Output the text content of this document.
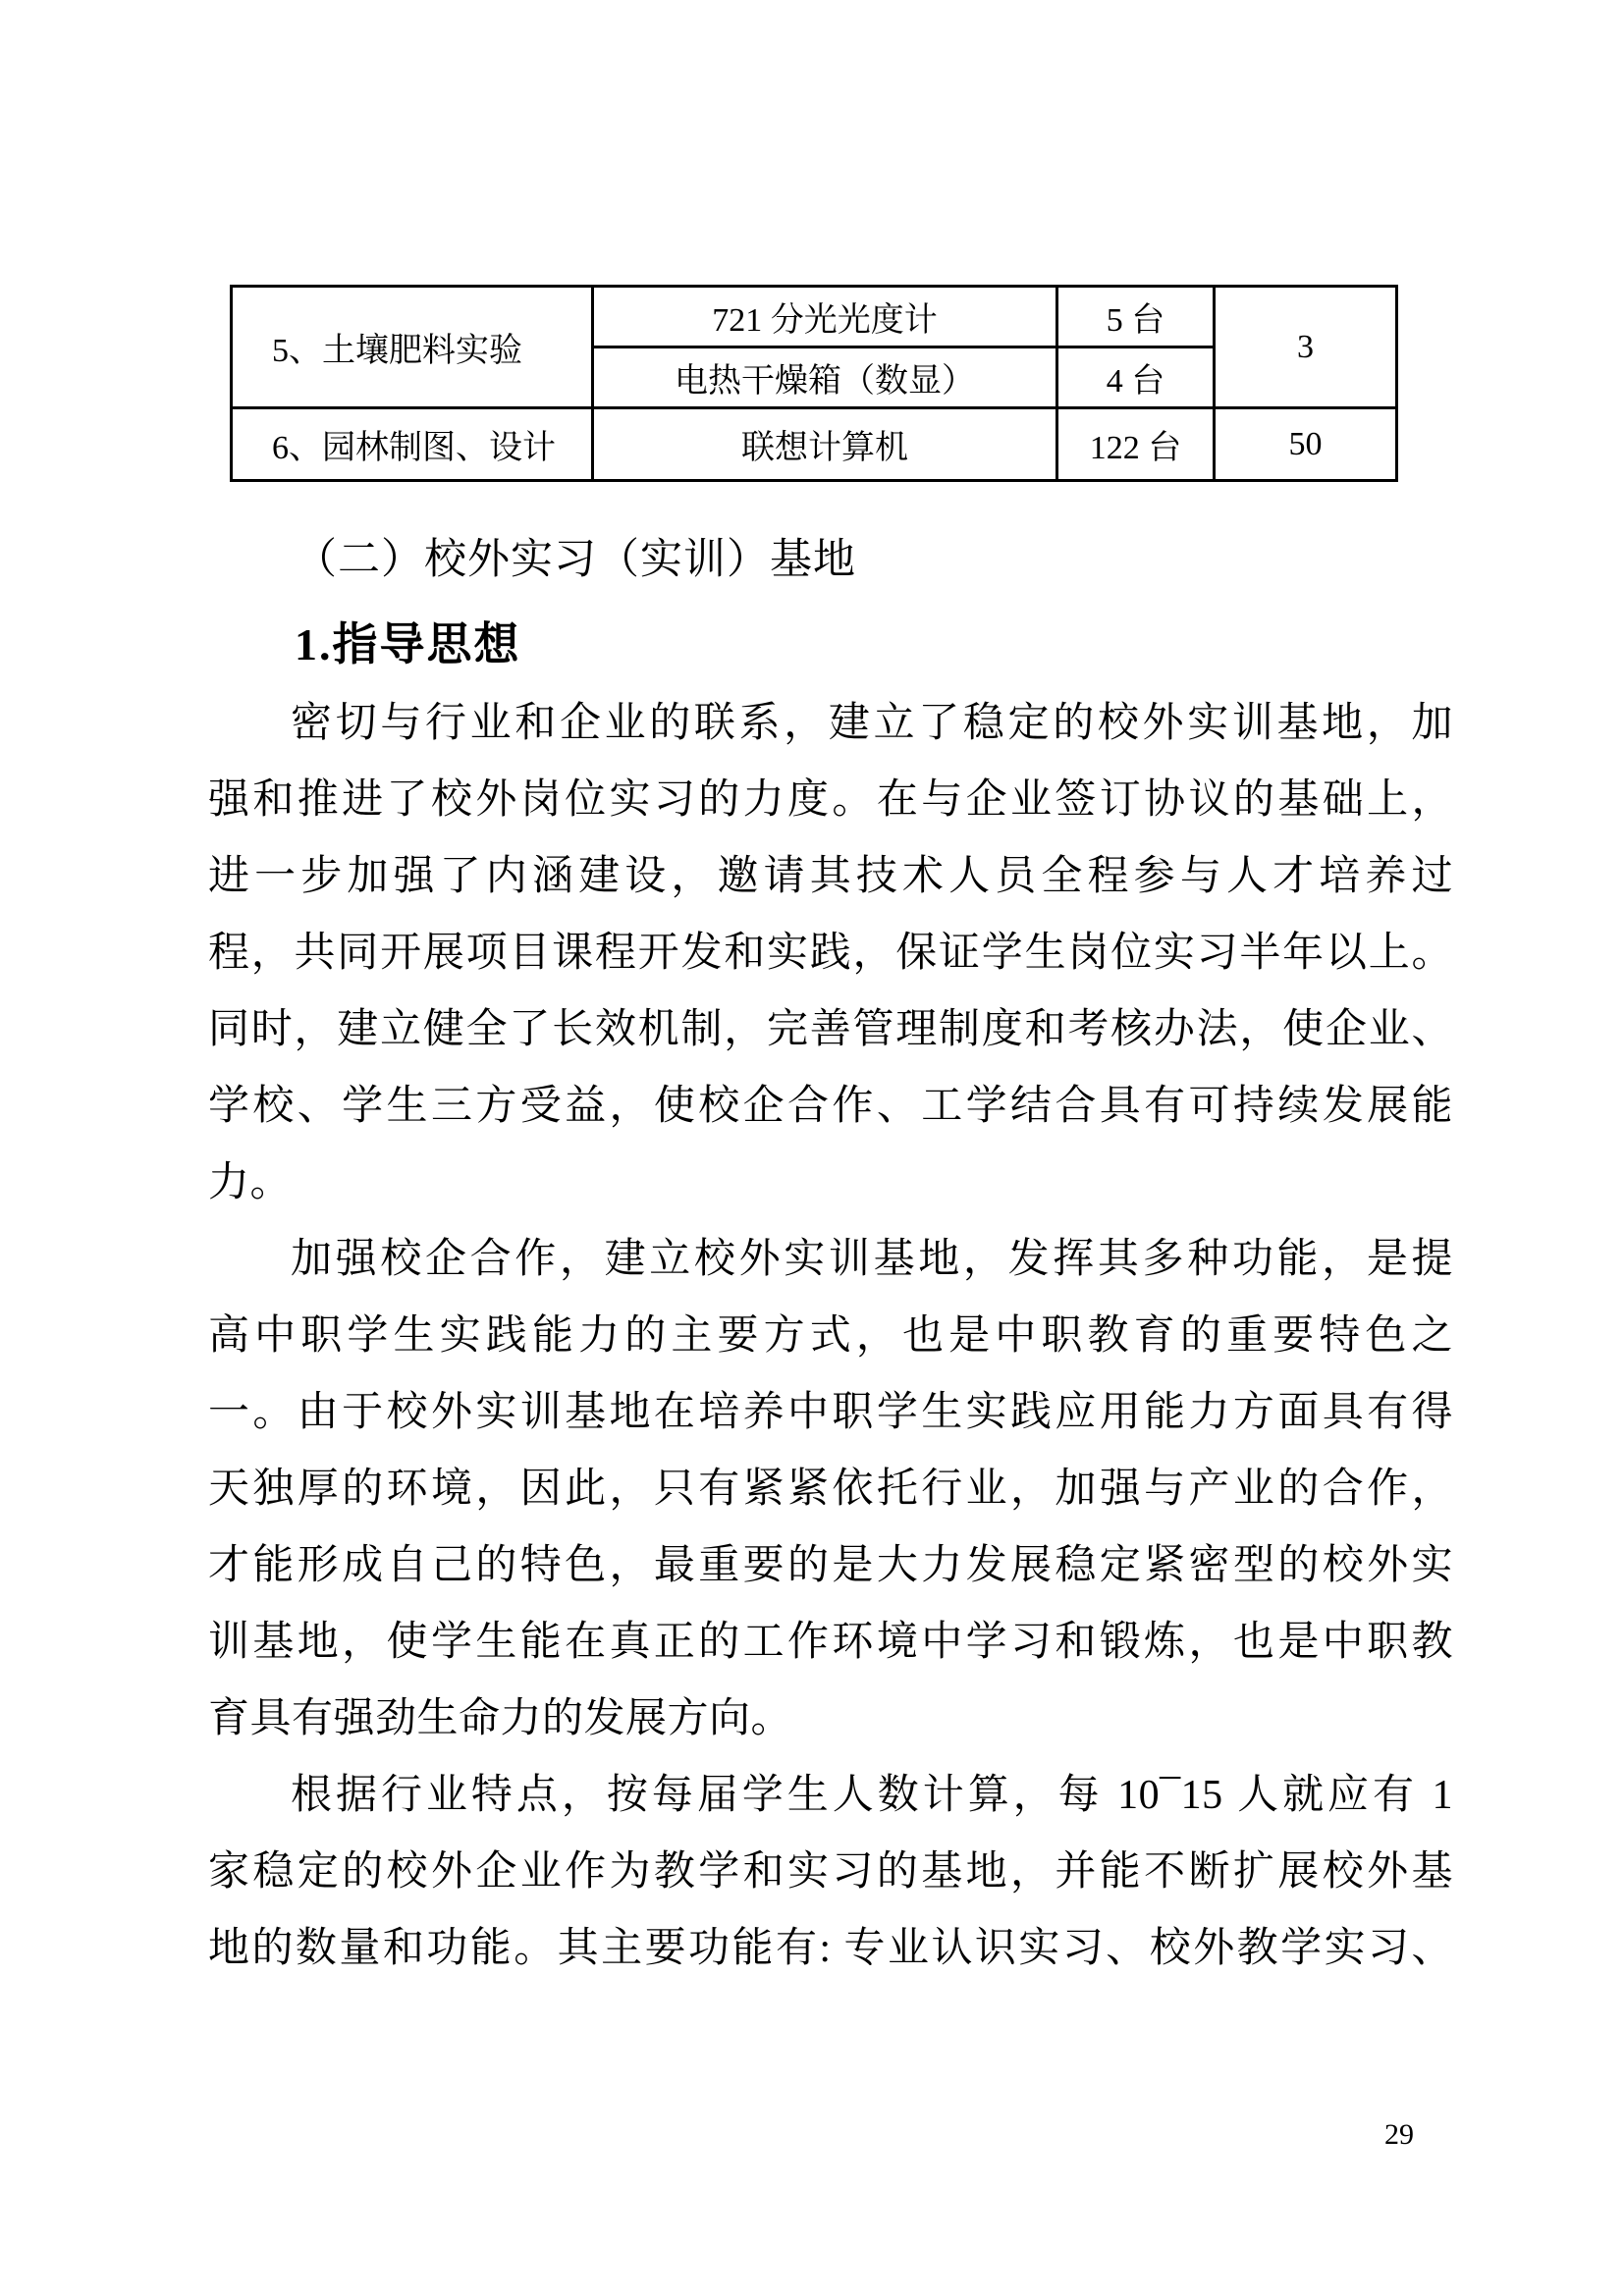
5、土壤肥料实验	721 分光光度计	5 台	3
	电热干燥箱（数显）	4 台	
6、园林制图、设计	联想计算机	122 台	50
（二）校外实习（实训）基地
1.指导思想
密切与行业和企业的联系，建立了稳定的校外实训基地，加
强和推进了校外岗位实习的力度。在与企业签订协议的基础上，
进一步加强了内涵建设，邀请其技术人员全程参与人才培养过
程，共同开展项目课程开发和实践，保证学生岗位实习半年以上。
同时，建立健全了长效机制，完善管理制度和考核办法，使企业、
学校、学生三方受益，使校企合作、工学结合具有可持续发展能
力。
加强校企合作，建立校外实训基地，发挥其多种功能，是提
高中职学生实践能力的主要方式，也是中职教育的重要特色之
一。由于校外实训基地在培养中职学生实践应用能力方面具有得
天独厚的环境，因此，只有紧紧依托行业，加强与产业的合作，
才能形成自己的特色，最重要的是大力发展稳定紧密型的校外实
训基地，使学生能在真正的工作环境中学习和锻炼，也是中职教
育具有强劲生命力的发展方向。
根据行业特点，按每届学生人数计算，每 10¯15 人就应有 1
家稳定的校外企业作为教学和实习的基地，并能不断扩展校外基
地的数量和功能。其主要功能有: 专业认识实习、校外教学实习、
29
